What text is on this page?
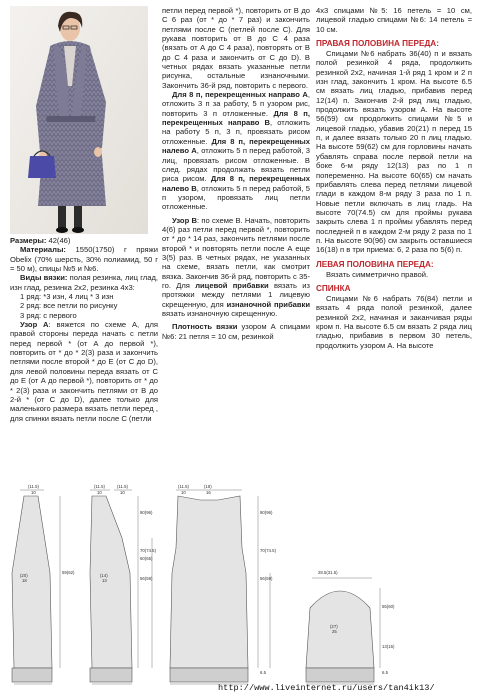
Размеры: 42(46)

Материалы: 1550(1750) г пряжи Obelix (70% шерсть, 30% полиамид, 50 г = 50 м), спицы №5 и №6.

Виды вязки: полая резинка, лиц глад, изн глад, резинка 2x2, резинка 4x3:

1 ряд: *3 изн, 4 лиц * 3 изн

2 ряд: все петли по рисунку

3 ряд: с первого

Узор А: вяжется по схеме А, для правой стороны переда начать с петли перед первой * (от А до первой *), повторить от * до * 2(3) раза и закончить петлями после второй * до Е (от С до D), для левой половины переда вязать от С до Е (от А до первой *), повторить от * до * 2(3) раза и закончить петлями от В до 2-й * (от С до D), далее только для маленького размера вязать петли перед , для спинки вязать петли после С (петли

петли перед первой *), повторить от В до С 6 раз (от * до * 7 раз) и закончить петлями после С (петлей после С). Для рукава повторить от В до С 4 раза (вязать от А до С 4 раза), повторять от В до С 4 раза и закончить от С до D). В четных рядах вязать указанные петли рисунка, остальные изнаночными. Закончить 36-й ряд, повторить с первого.

Для 8 п, перекрещенных направо А, отложить 3 п за работу, 5 п узором рис, повторить 3 п отложенные. Для 8 п, перекрещенных направо В, отложить на работу 5 п, 3 п, провязать рисом отложенные. Для 8 п, перекрещенных налево А, отложить 5 п перед работой, 3 лиц, провязать рисом отложенные. В след. рядах продолжать вязать петли риса рисом. Для 8 п, перекрещенных налево В, отложить 5 п перед работой, 5 п узором, провязать лиц петли отложенные.

Узор В: по схеме В. Начать, повторить 4(6) раз петли перед первой *, повторить от * до * 14 раз, закончить петлями после второй * и повторять петли после А еще 3(5) раз. В четных рядах, не указанных на схеме, вязать петли, как смотрит вязка. Закончив 36-й ряд, повторить с 35-го. Для лицевой прибавки вязать из протяжки между петлями 1 лицевую скрещенную, для изнаночной прибавки вязать изнаночную скрещенную.

Плотность вязки узором А спицами №6: 21 петля = 10 см, резинкой

4x3 спицами №5: 16 петель = 10 см, лицевой гладью спицами №6: 14 петель = 10 см.

ПРАВАЯ ПОЛОВИНА ПЕРЕДА:

Спицами №6 набрать 36(40) п и вязать полой резинкой 4 ряда, продолжить резинкой 2x2, начиная 1-й ряд 1 кром и 2 п изн глад, закончить 1 кром. На высоте 6.5 см вязать лиц гладью, прибавив перед 12(14) п. Закончив 2-й ряд лиц гладью, продолжить вязать узором А. На высоте 56(59) см продолжить спицами №5 и лицевой гладью, убавив 20(21) п перед 15 п, и далее вязать только 20 п лиц гладью. На высоте 59(62) см для горловины начать убавлять справа после первой петли на боке 6-м ряду 12(13) раз по 1 п попеременно. На высоте 60(65) см начать прибавлять слева перед петлями лицевой глади в каждом 8-м ряду 3 раза по 1 п. Новые петли включать в лиц гладь. На высоте 70(74.5) см для проймы рукава закрыть слева 1 п проймы убавлять перед последней п в каждом 2-м ряду 2 раза по 1 п. На высоте 90(96) см закрыть оставшиеся 16(18) п в три приема: 6, 2 раза по 5(6) п.

ЛЕВАЯ ПОЛОВИНА ПЕРЕДА:

Вязать симметрично правой.

СПИНКА

Спицами №6 набрать 76(84) петли и вязать 4 ряда полой резинкой, далее резинкой 2x2, начиная и заканчивая ряды кром п. На высоте 6.5 см вязать 2 ряда лиц гладью, прибавив в первом 30 петель, продолжить узором А. На высоте

(11.5)
10
(20)
18
(11.5)
10
(11.5)
10
(14)
13
90(96)
70(74.5)
60(65)
59(62)
56(59)
(11.5)
10
(18)
16
90(96)
70(74.5)
56(59)
6.5
28.5(31.5)
55(60)
(27)
25
13(15)
6.5
http://www.liveinternet.ru/users/tan4ik13/
